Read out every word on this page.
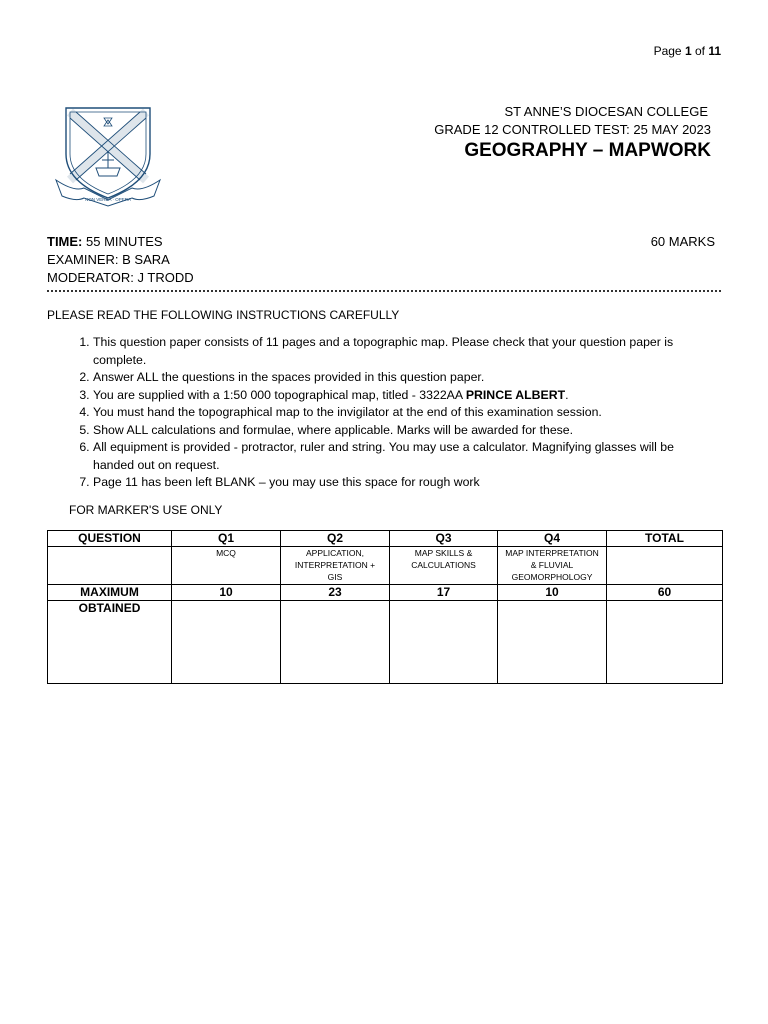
Page 1 of 11
NON VERBA · OPERA
ST ANNE’S DIOCESAN COLLEGE
GRADE 12 CONTROLLED TEST: 25 MAY 2023
GEOGRAPHY – MAPWORK
TIME: 55 MINUTES
EXAMINER: B SARA
MODERATOR: J TRODD
60 MARKS
PLEASE READ THE FOLLOWING INSTRUCTIONS CAREFULLY
1. This question paper consists of 11 pages and a topographic map. Please check that your question paper is complete.
2. Answer ALL the questions in the spaces provided in this question paper.
3. You are supplied with a 1:50 000 topographical map, titled - 3322AA PRINCE ALBERT.
4. You must hand the topographical map to the invigilator at the end of this examination session.
5. Show ALL calculations and formulae, where applicable. Marks will be awarded for these.
6. All equipment is provided - protractor, ruler and string. You may use a calculator. Magnifying glasses will be handed out on request.
7. Page 11 has been left BLANK – you may use this space for rough work
FOR MARKER'S USE ONLY
QUESTION	Q1	Q2	Q3	Q4	TOTAL
	MCQ	APPLICATION, INTERPRETATION + GIS	MAP SKILLS & CALCULATIONS	MAP INTERPRETATION & FLUVIAL GEOMORPHOLOGY	
MAXIMUM	10	23	17	10	60
OBTAINED					
